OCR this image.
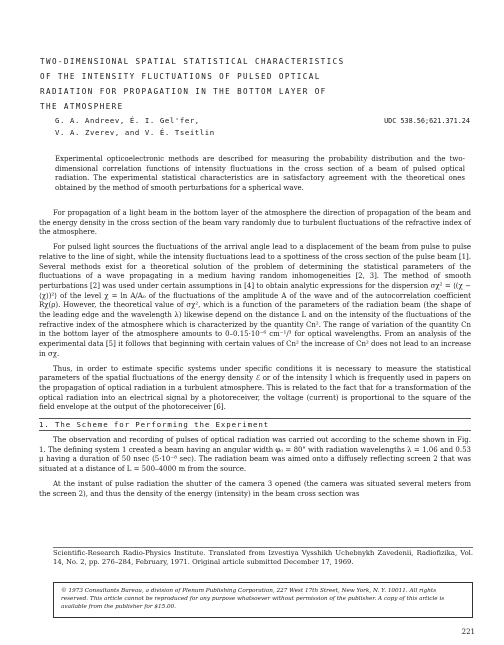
TWO-DIMENSIONAL SPATIAL STATISTICAL CHARACTERISTICS
OF THE INTENSITY FLUCTUATIONS OF PULSED OPTICAL
RADIATION FOR PROPAGATION IN THE BOTTOM LAYER OF
THE ATMOSPHERE
G. A. Andreev, É. I. Gel'fer,
V. A. Zverev, and V. É. Tseitlin
UDC 538.56;621.371.24
Experimental opticoelectronic methods are described for measuring the probability distribution and the two-dimensional correlation functions of intensity fluctuations in the cross section of a beam of pulsed optical radiation. The experimental statistical characteristics are in satisfactory agreement with the theoretical ones obtained by the method of smooth perturbations for a spherical wave.

For propagation of a light beam in the bottom layer of the atmosphere the direction of propagation of the beam and the energy density in the cross section of the beam vary randomly due to turbulent fluctuations of the refractive index of the atmosphere.

For pulsed light sources the fluctuations of the arrival angle lead to a displacement of the beam from pulse to pulse relative to the line of sight, while the intensity fluctuations lead to a spottiness of the cross section of the pulse beam [1]. Several methods exist for a theoretical solution of the problem of determining the statistical parameters of the fluctuations of a wave propagating in a medium having random inhomogeneities [2, 3]. The method of smooth perturbations [2] was used under certain assumptions in [4] to obtain analytic expressions for the dispersion σχ² = ⟨(χ − ⟨χ⟩)²⟩ of the level χ = ln A/A₀ of the fluctuations of the amplitude A of the wave and of the autocorrelation coefficient Rχ(ρ). However, the theoretical value of σχ², which is a function of the parameters of the radiation beam (the shape of the leading edge and the wavelength λ) likewise depend on the distance L and on the intensity of the fluctuations of the refractive index of the atmosphere which is characterized by the quantity Cn². The range of variation of the quantity Cn in the bottom layer of the atmosphere amounts to 0–0.15·10⁻⁶ cm⁻¹/³ for optical wavelengths. From an analysis of the experimental data [5] it follows that beginning with certain values of Cn² the increase of Cn² does not lead to an increase in σχ.

Thus, in order to estimate specific systems under specific conditions it is necessary to measure the statistical parameters of the spatial fluctuations of the energy density ℰ or of the intensity I which is frequently used in papers on the propagation of optical radiation in a turbulent atmosphere. This is related to the fact that for a transformation of the optical radiation into an electrical signal by a photoreceiver, the voltage (current) is proportional to the square of the field envelope at the output of the photoreceiver [6].

1. The Scheme for Performing the Experiment

The observation and recording of pulses of optical radiation was carried out according to the scheme shown in Fig. 1. The defining system 1 created a beam having an angular width φ₀ = 80" with radiation wavelengths λ = 1.06 and 0.53 μ having a duration of 50 nsec (5·10⁻⁸ sec). The radiation beam was aimed onto a diffusely reflecting screen 2 that was situated at a distance of L = 500–4000 m from the source.

At the instant of pulse radiation the shutter of the camera 3 opened (the camera was situated several meters from the screen 2), and thus the density of the energy (intensity) in the beam cross section was

Scientific-Research Radio-Physics Institute. Translated from Izvestiya Vysshikh Uchebnykh Zavedenii, Radiofizika, Vol. 14, No. 2, pp. 276–284, February, 1971. Original article submitted December 17, 1969.
© 1973 Consultants Bureau, a division of Plenum Publishing Corporation, 227 West 17th Street, New York, N. Y. 10011. All rights reserved. This article cannot be reproduced for any purpose whatsoever without permission of the publisher. A copy of this article is available from the publisher for $15.00.
221
